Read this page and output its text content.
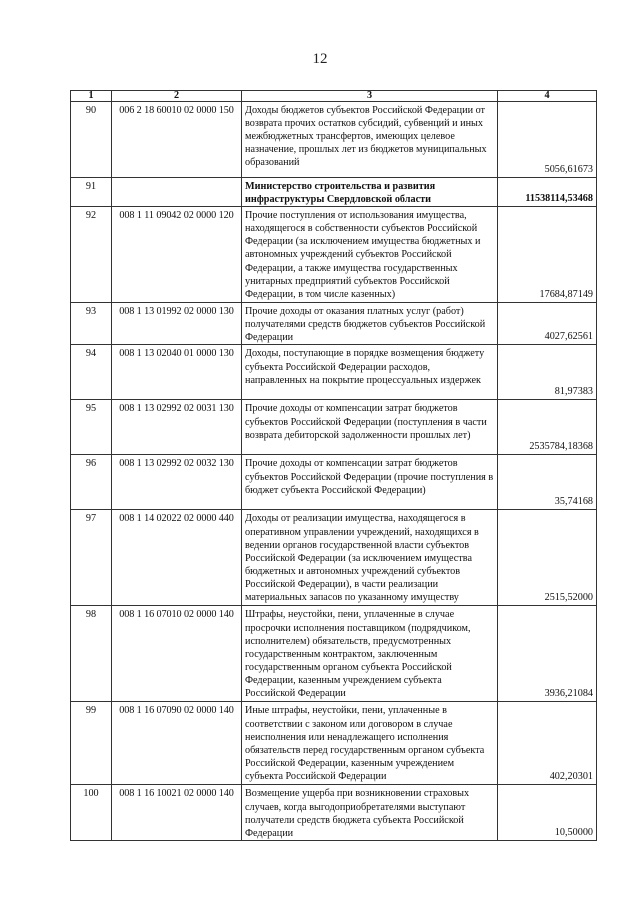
12
1	2	3	4
90	006 2 18 60010 02 0000 150	Доходы бюджетов субъектов Российской Федерации от возврата прочих остатков субсидий, субвенций и иных межбюджетных трансфертов, имеющих целевое назначение, прошлых лет из бюджетов муниципальных образований	5056,61673
91		Министерство строительства и развития инфраструктуры Свердловской области	11538114,53468
92	008 1 11 09042 02 0000 120	Прочие поступления от использования имущества, находящегося в собственности субъектов Российской Федерации (за исключением имущества бюджетных и автономных учреждений субъектов Российской Федерации, а также имущества государственных унитарных предприятий субъектов Российской Федерации, в том числе казенных)	17684,87149
93	008 1 13 01992 02 0000 130	Прочие доходы от оказания платных услуг (работ) получателями средств бюджетов субъектов Российской Федерации	4027,62561
94	008 1 13 02040 01 0000 130	Доходы, поступающие в порядке возмещения бюджету субъекта Российской Федерации расходов, направленных на покрытие процессуальных издержек	81,97383
95	008 1 13 02992 02 0031 130	Прочие доходы от компенсации затрат бюджетов субъектов Российской Федерации (поступления в части возврата дебиторской задолженности прошлых лет)	2535784,18368
96	008 1 13 02992 02 0032 130	Прочие доходы от компенсации затрат бюджетов субъектов Российской Федерации (прочие поступления в бюджет субъекта Российской Федерации)	35,74168
97	008 1 14 02022 02 0000 440	Доходы от реализации имущества, находящегося в оперативном управлении учреждений, находящихся в ведении органов государственной власти субъектов Российской Федерации (за исключением имущества бюджетных и автономных учреждений субъектов Российской Федерации), в части реализации материальных запасов по указанному имуществу	2515,52000
98	008 1 16 07010 02 0000 140	Штрафы, неустойки, пени, уплаченные в случае просрочки исполнения поставщиком (подрядчиком, исполнителем) обязательств, предусмотренных государственным контрактом, заключенным государственным органом субъекта Российской Федерации, казенным учреждением субъекта Российской Федерации	3936,21084
99	008 1 16 07090 02 0000 140	Иные штрафы, неустойки, пени, уплаченные в соответствии с законом или договором в случае неисполнения или ненадлежащего исполнения обязательств перед государственным органом субъекта Российской Федерации, казенным учреждением субъекта Российской Федерации	402,20301
100	008 1 16 10021 02 0000 140	Возмещение ущерба при возникновении страховых случаев, когда выгодоприобретателями выступают получатели средств бюджета субъекта Российской Федерации	10,50000
